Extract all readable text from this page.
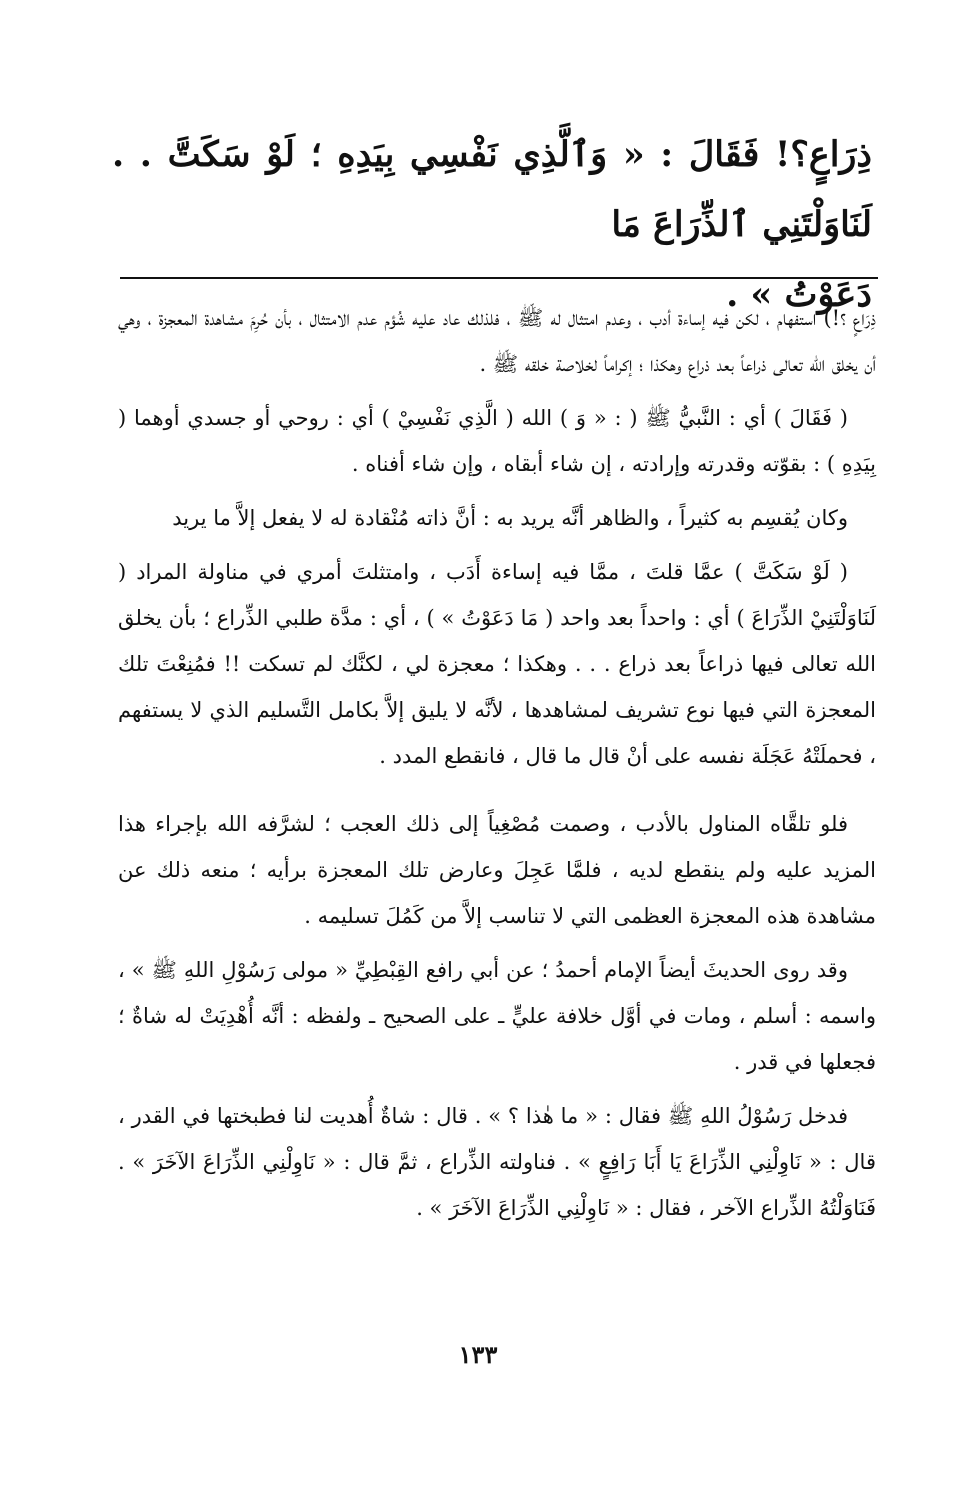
ذِرَاعٍ؟! فَقَالَ : « وَٱلَّذِي نَفْسِي بِيَدِهِ ؛ لَوْ سَكَتَّ . . لَنَاوَلْتَنِي ٱلذِّرَاعَ مَا
دَعَوْتُ » .

ذِرَاعٍ ؟!) استفهام ، لكن فيه إساءة أدب ، وعدم امتثال له ﷺ ، فلذلك عاد عليه شُؤم عدم الامتثال ، بأن حُرِمَ مشاهدة المعجزة ، وهي أن يخلق الله تعالى ذراعاً بعد ذراع وهكذا ؛ إكراماً لخلاصة خلقه ﷺ .

( فَقَالَ ) أي : النَّبيُّ ﷺ ( : « وَ ) الله ( الَّذِي نَفْسِيْ ) أي : روحي أو جسدي أوهما ( بِيَدِهِ ) : بقوّته وقدرته وإرادته ، إن شاء أبقاه ، وإن شاء أفناه .

وكان يُقسِم به كثيراً ، والظاهر أنَّه يريد به : أنَّ ذاته مُنْقادة له لا يفعل إلاَّ ما يريد

( لَوْ سَكَتَّ ) عمَّا قلتَ ، ممَّا فيه إساءة أَدَب ، وامتثلتَ أمري في مناولة المراد ( لَنَاوَلْتَنِيْ الذِّرَاعَ ) أي : واحداً بعد واحد ( مَا دَعَوْتُ » ) ، أي : مدَّة طلبي الذِّراع ؛ بأن يخلق الله تعالى فيها ذراعاً بعد ذراع . . . وهكذا ؛ معجزة لي ، لكنَّك لم تسكت !! فمُنِعْتَ تلك المعجزة التي فيها نوع تشريف لمشاهدها ، لأنَّه لا يليق إلاَّ بكامل التَّسليم الذي لا يستفهم ، فحملَتْهُ عَجَلَة نفسه على أنْ قال ما قال ، فانقطع المدد .

فلو تلقَّاه المناول بالأدب ، وصمت مُصْغِياً إلى ذلك العجب ؛ لشرَّفه الله بإجراء هذا المزيد عليه ولم ينقطع لديه ، فلمَّا عَجِلَ وعارض تلك المعجزة برأيه ؛ منعه ذلك عن مشاهدة هذه المعجزة العظمى التي لا تناسب إلاَّ من كَمُلَ تسليمه .

وقد روى الحديثَ أيضاً الإمام أحمدُ ؛ عن أبي رافع القِبْطِيِّ « مولى رَسُوْلِ اللهِ ﷺ » ، واسمه : أسلم ، ومات في أوَّل خلافة عليٍّ ـ على الصحيح ـ ولفظه : أنَّه أُهْدِيَتْ له شاةٌ ؛ فجعلها في قدر .

فدخل رَسُوْلُ اللهِ ﷺ فقال : « ما هٰذا ؟ » . قال : شاةٌ أُهديت لنا فطبختها في القدر ، قال : « نَاوِلْنِي الذِّرَاعَ يَا أَبَا رَافِعٍ » . فناولته الذِّراع ، ثمَّ قال : « نَاوِلْنِي الذِّرَاعَ الآخَرَ » . فَنَاوَلْتُهُ الذِّراع الآخر ، فقال : « نَاوِلْنِي الذِّرَاعَ الآخَرَ » .

١٣٣
